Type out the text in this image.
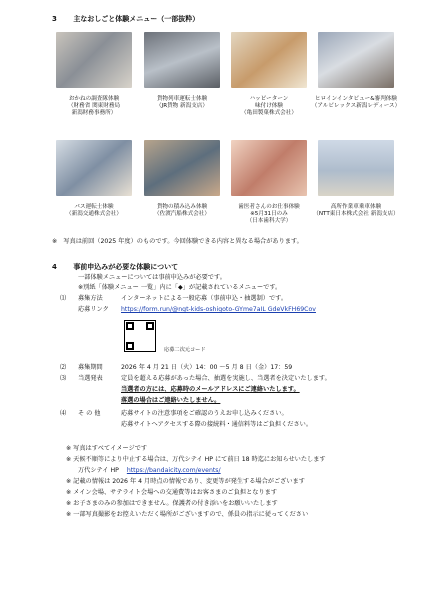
3 主なおしごと体験メニュー（一部抜粋）
おかねの調査隊体験
（財務省 関東財務局
新潟財務事務所）
貨物列車運転士体験
（JR貨物 新潟支店）
ハッピーターン
味付け体験
（亀田製菓株式会社）
ヒロインインタビュー&審判体験
（アルビレックス新潟レディース）
バス運転士体験
（新潟交通株式会社）
貨物の積み込み体験
（佐渡汽船株式会社）
歯医者さんのお仕事体験
※5月31日のみ
（日本歯科大学）
高所作業車乗車体験
（NTT東日本株式会社 新潟支店）
※　写真は前回（2025 年度）のものです。今回体験できる内容と異なる場合があります。
4 事前申込みが必要な体験について
一部体験メニューについては事前申込みが必要です。
※別紙「体験メニュー 一覧」内に「◆」が記載されているメニューです。
⑴ 募集方法	インターネットによる一般応募（事前申込・抽選制）です。
応募リンク https://form.run/@ngt-kids-oshigoto-GYme7aIL GdeVkFH69Cov
応募二次元コード
⑵ 募集期間	2026 年 4 月 21 日（火）14：00 ～5 月 8 日（金）17：59
⑶ 当選発表	定員を超える応募があった場合、抽選を実施し、当選者を決定いたします。
当選者の方には、応募時のメールアドレスにご連絡いたします。
落選の場合はご連絡いたしません。
⑷ そ の 他	応募サイトの注意事項をご確認のうえお申し込みください。
応募サイトへアクセスする際の接続料・通信料等はご負担ください。
※ 写真はすべてイメージです
※ 天候不順等により中止する場合は、万代シテイ HP にて前日 18 時迄にお知らせいたします
万代シテイ HP https://bandaicity.com/events/
※ 記載の情報は 2026 年 4 月時点の情報であり、変更等が発生する場合がございます
※ メイン会場、サテライト会場への交通費等はお客さまのご負担となります
※ お子さまのみの参加はできません。保護者の付き添いをお願いいたします
※ 一部写真撮影をお控えいただく場所がございますので、係員の指示に従ってください
